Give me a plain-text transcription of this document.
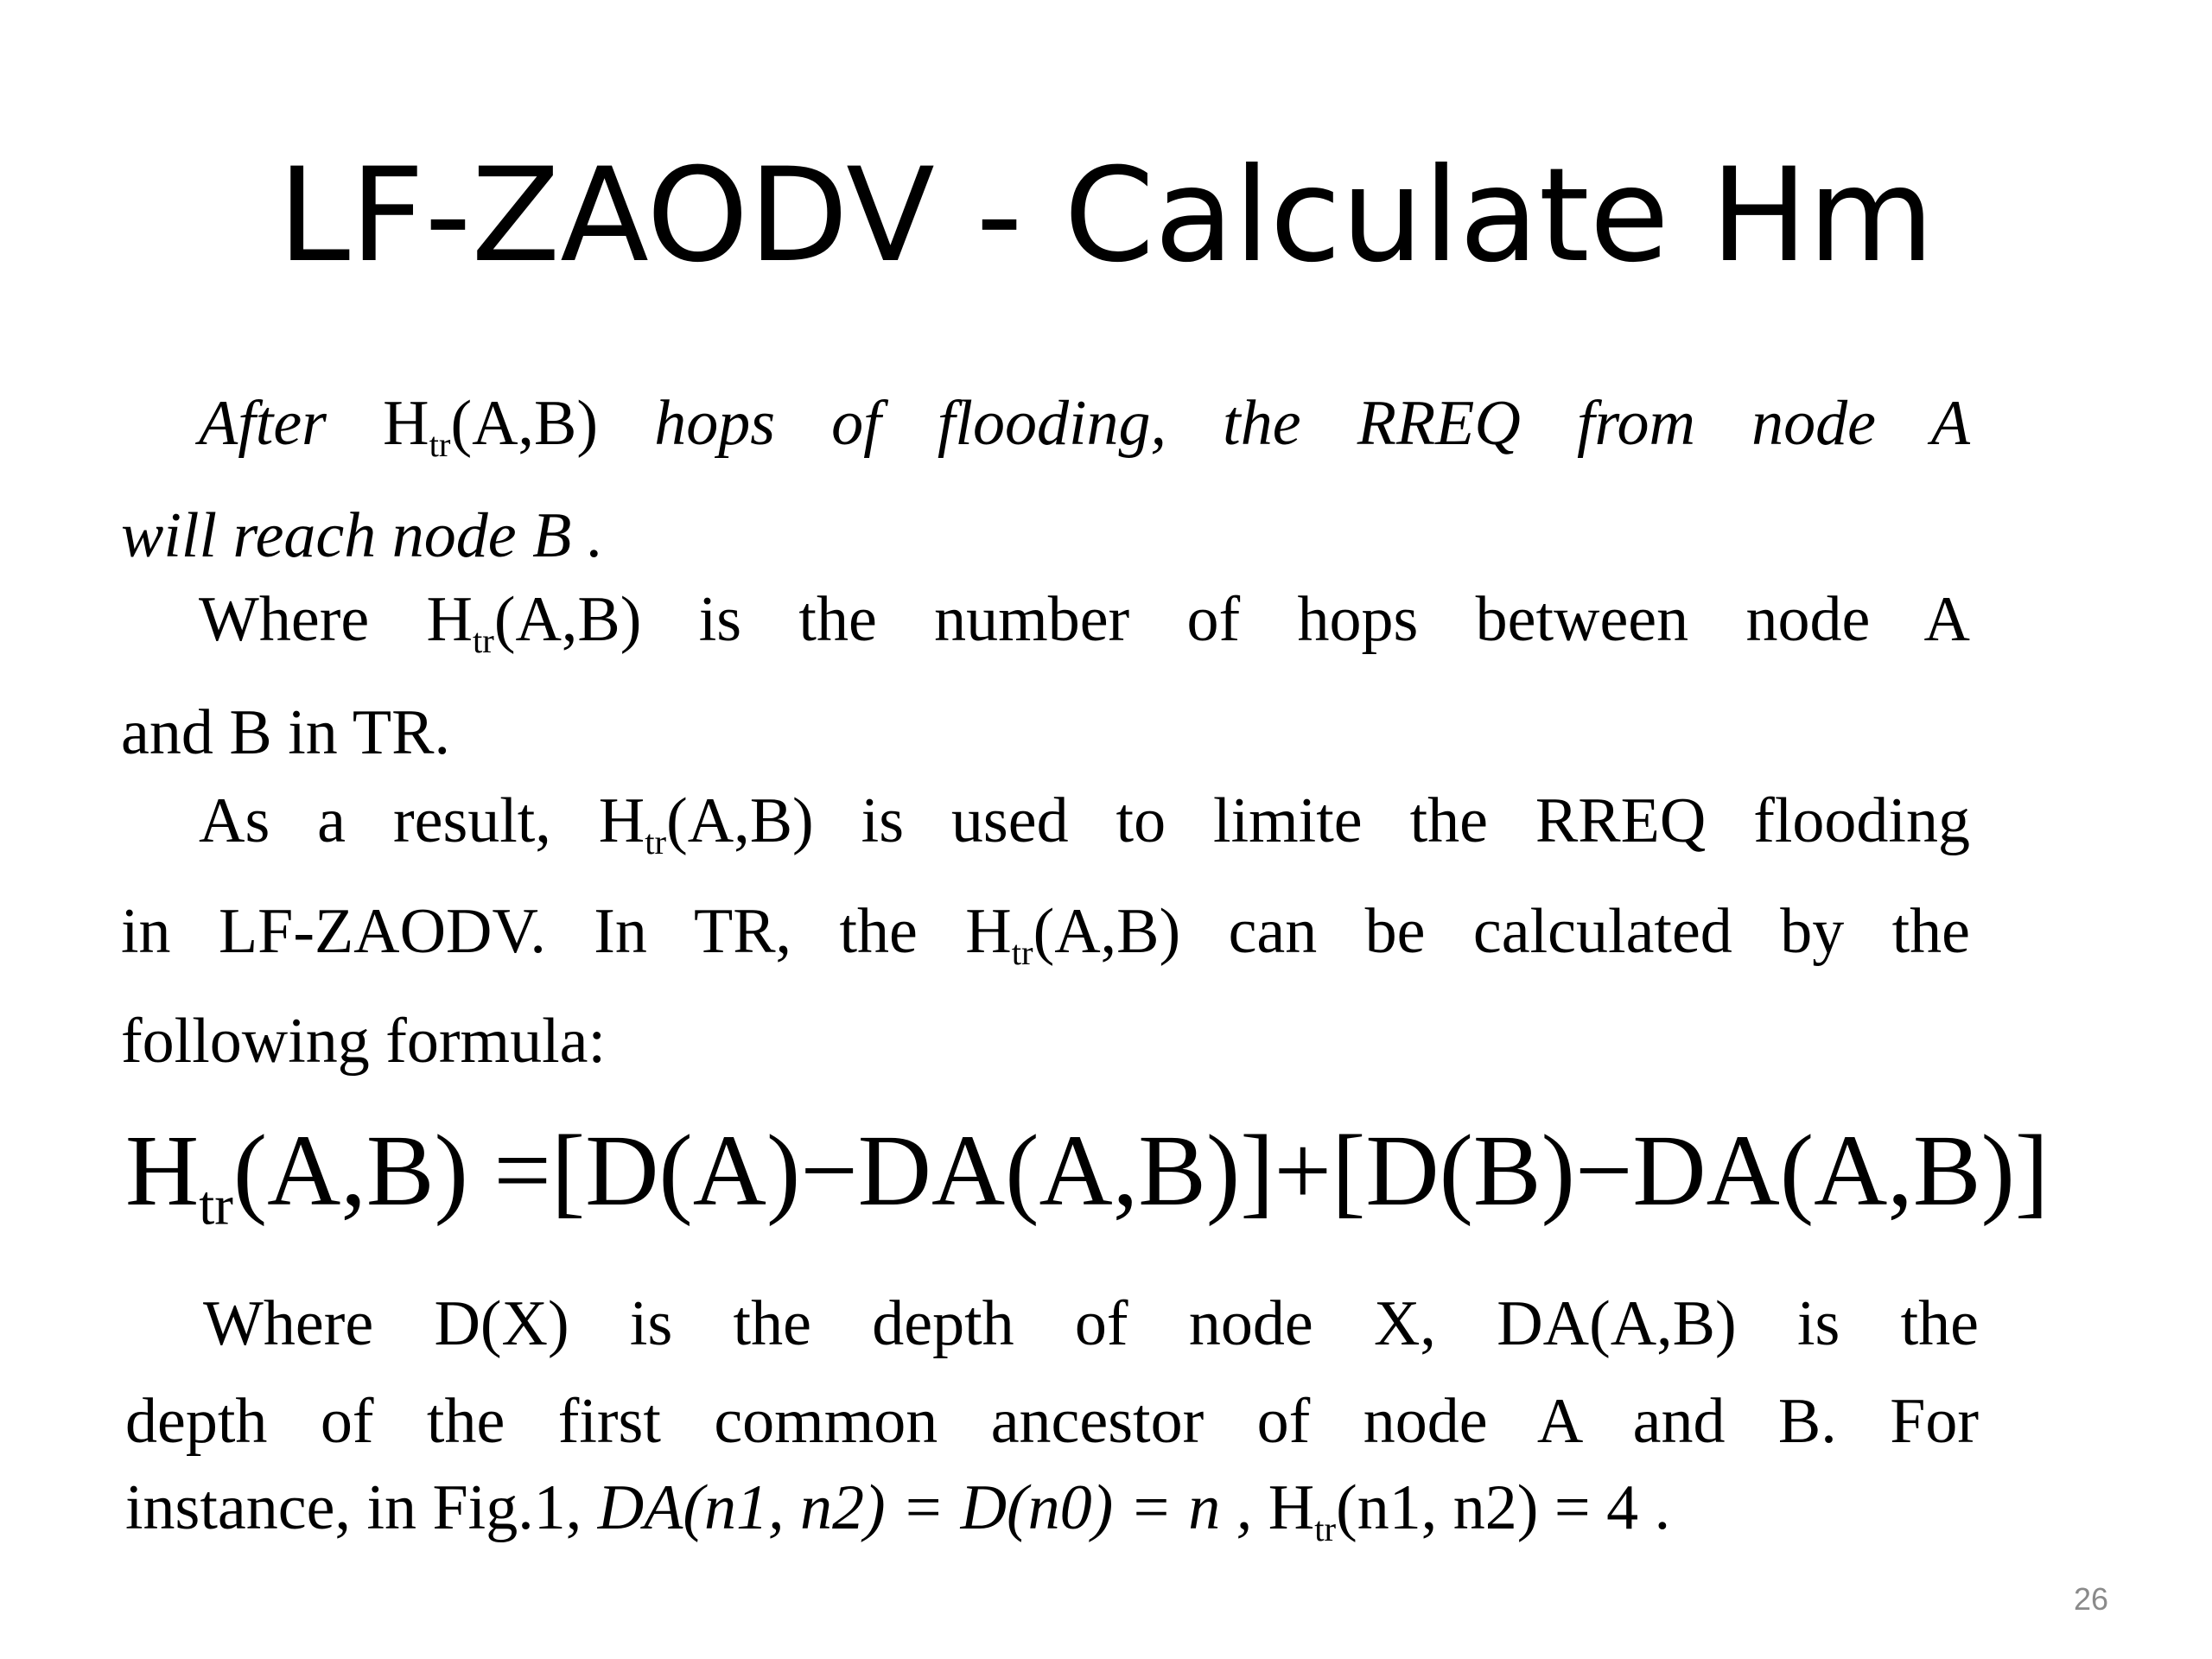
LF-ZAODV - Calculate Hm
After $H_{tr}(A,B)$ hops of flooding, the RREQ from node A
will reach node B .
Where $H_{tr}(A,B)$ is the number of hops between node A
and B in TR.
As a result, $H_{tr}(A,B)$ is used to limite the RREQ flooding
in LF-ZAODV. In TR, the $H_{tr}(A,B)$ can be calculated by the
following formula:
$H_{tr}(A,B) =[D(A)-DA(A,B)]+[D(B)-DA(A,B)]$
Where D(X) is the depth of node X, DA(A,B) is the
depth of the first common ancestor of node A and B. For
instance, in Fig.1, DA(n1, n2) = D(n0) = n , $H_{tr}(n1$, n2) = 4 .
26
